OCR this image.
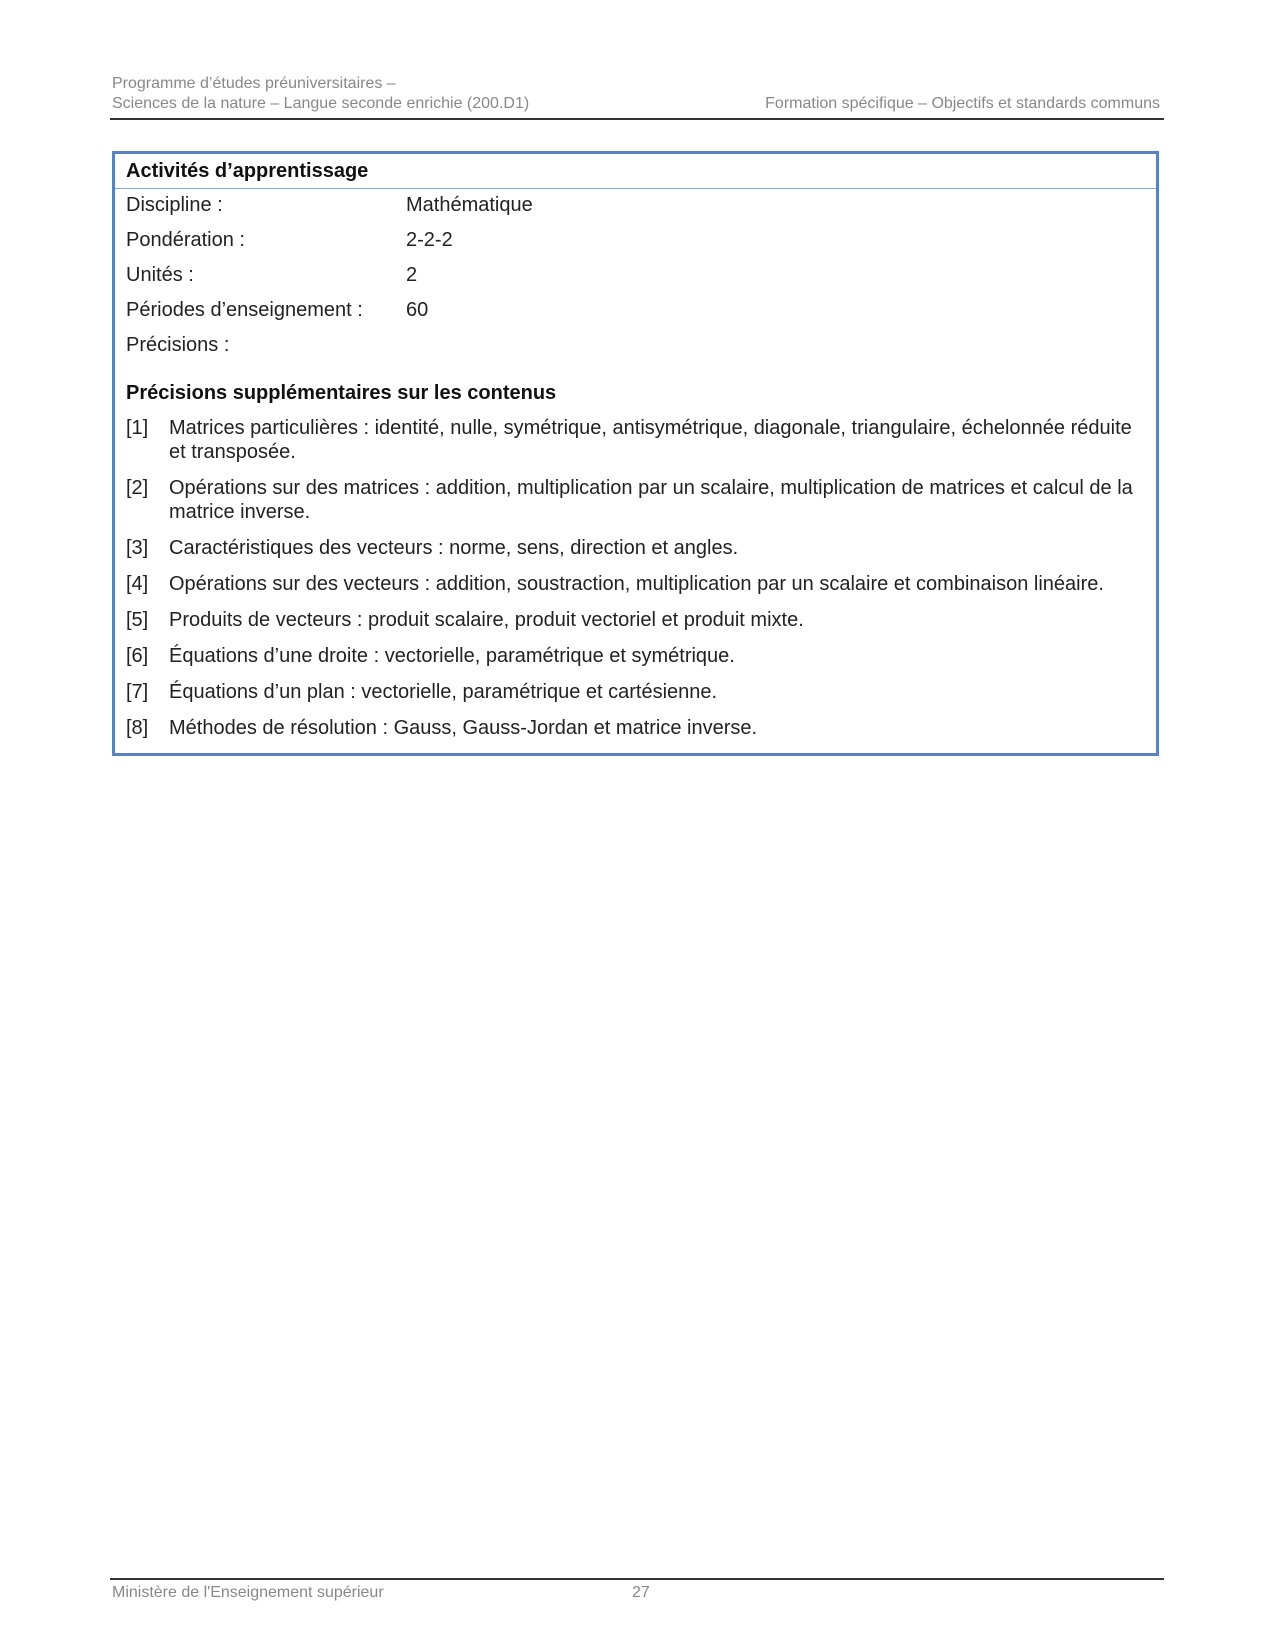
Programme d’études préuniversitaires –
Sciences de la nature – Langue seconde enrichie (200.D1)	Formation spécifique – Objectifs et standards communs
Activités d’apprentissage
Discipline :	Mathématique
Pondération :	2-2-2
Unités :	2
Périodes d’enseignement : 60
Précisions :
Précisions supplémentaires sur les contenus
[1] Matrices particulières : identité, nulle, symétrique, antisymétrique, diagonale, triangulaire, échelonnée réduite et transposée.
[2] Opérations sur des matrices : addition, multiplication par un scalaire, multiplication de matrices et calcul de la matrice inverse.
[3] Caractéristiques des vecteurs : norme, sens, direction et angles.
[4] Opérations sur des vecteurs : addition, soustraction, multiplication par un scalaire et combinaison linéaire.
[5] Produits de vecteurs : produit scalaire, produit vectoriel et produit mixte.
[6] Équations d’une droite : vectorielle, paramétrique et symétrique.
[7] Équations d’un plan : vectorielle, paramétrique et cartésienne.
[8] Méthodes de résolution : Gauss, Gauss-Jordan et matrice inverse.
Ministère de l'Enseignement supérieur	27
